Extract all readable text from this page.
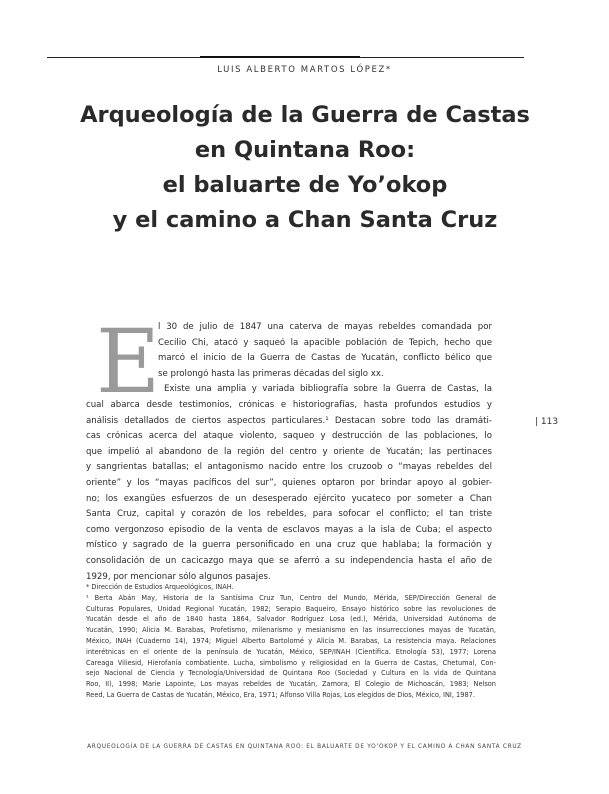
LUIS ALBERTO MARTOS LÓPEZ*
Arqueología de la Guerra de Castas
en Quintana Roo:
el baluarte de Yo’okop
y el camino a Chan Santa Cruz
E
l 30 de julio de 1847 una caterva de mayas rebeldes comandada por
Cecilio Chi, atacó y saqueó la apacible población de Tepich, hecho que
marcó el inicio de la Guerra de Castas de Yucatán, conflicto bélico que
se prolongó hasta las primeras décadas del siglo xx.
Existe una amplia y variada bibliografía sobre la Guerra de Castas, la
cual abarca desde testimonios, crónicas e historiografías, hasta profundos estudios y
análisis detallados de ciertos aspectos particulares.¹ Destacan sobre todo las dramáti-
cas crónicas acerca del ataque violento, saqueo y destrucción de las poblaciones, lo
que impelió al abandono de la región del centro y oriente de Yucatán; las pertinaces
y sangrientas batallas; el antagonismo nacido entre los cruzoob o “mayas rebeldes del
oriente” y los “mayas pacíficos del sur”, quienes optaron por brindar apoyo al gobier-
no; los exangües esfuerzos de un desesperado ejército yucateco por someter a Chan
Santa Cruz, capital y corazón de los rebeldes, para sofocar el conflicto; el tan triste
como vergonzoso episodio de la venta de esclavos mayas a la isla de Cuba; el aspecto
místico y sagrado de la guerra personificado en una cruz que hablaba; la formación y
consolidación de un cacicazgo maya que se aferró a su independencia hasta el año de
1929, por mencionar sólo algunos pasajes.
| 113
* Dirección de Estudios Arqueológicos, INAH.
¹ Berta Abán May, Historia de la Santísima Cruz Tun, Centro del Mundo, Mérida, SEP/Dirección General de
Culturas Populares, Unidad Regional Yucatán, 1982; Serapio Baqueiro, Ensayo histórico sobre las revoluciones de
Yucatán desde el año de 1840 hasta 1864, Salvador Rodríguez Losa (ed.), Mérida, Universidad Autónoma de
Yucatán, 1990; Alicia M. Barabas, Profetismo, milenarismo y mesianismo en las insurrecciones mayas de Yucatán,
México, INAH (Cuaderno 14), 1974; Miguel Alberto Bartolomé y Alicia M. Barabas, La resistencia maya. Relaciones
interétnicas en el oriente de la península de Yucatán, México, SEP/INAH (Científica. Etnología 53), 1977; Lorena
Careaga Viliesid, Hierofanía combatiente. Lucha, simbolismo y religiosidad en la Guerra de Castas, Chetumal, Con-
sejo Nacional de Ciencia y Tecnología/Universidad de Quintana Roo (Sociedad y Cultura en la vida de Quintana
Roo, II), 1998; Marie Lapointe, Los mayas rebeldes de Yucatán, Zamora, El Colegio de Michoacán, 1983; Nelson
Reed, La Guerra de Castas de Yucatán, México, Era, 1971; Alfonso Villa Rojas, Los elegidos de Dios, México, INI, 1987.
ARQUEOLOGÍA DE LA GUERRA DE CASTAS EN QUINTANA ROO: EL BALUARTE DE YO’OKOP Y EL CAMINO A CHAN SANTA CRUZ
